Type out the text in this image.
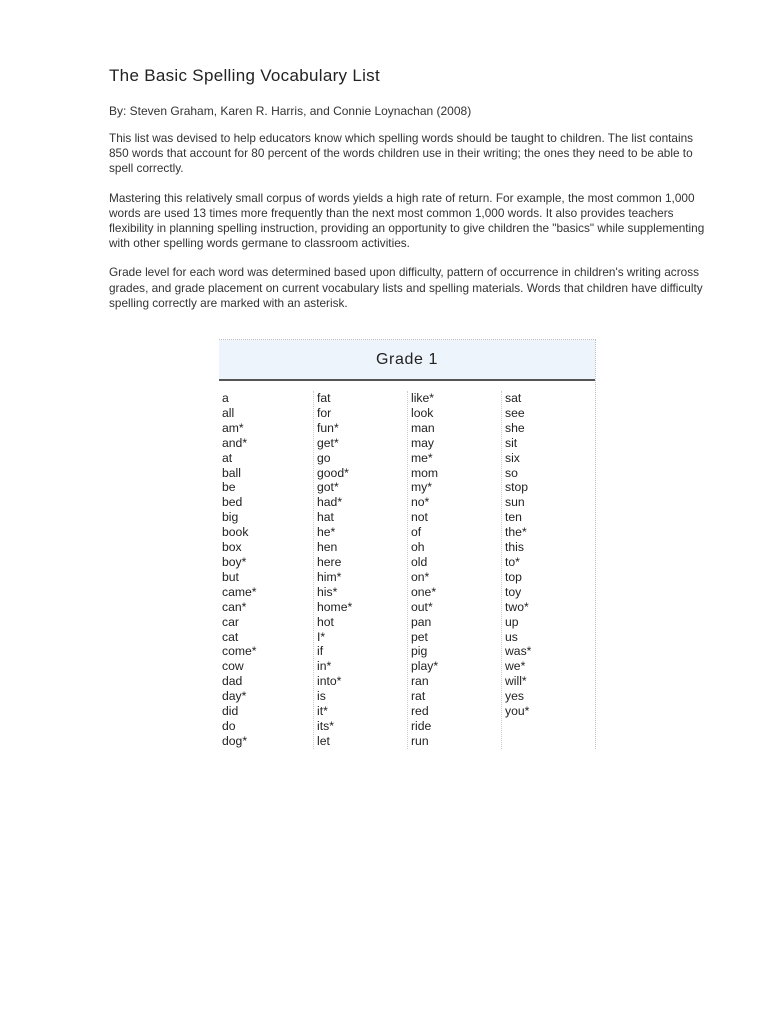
The Basic Spelling Vocabulary List
By: Steven Graham, Karen R. Harris, and Connie Loynachan (2008)

This list was devised to help educators know which spelling words should be taught to children. The list contains 850 words that account for 80 percent of the words children use in their writing; the ones they need to be able to spell correctly.

Mastering this relatively small corpus of words yields a high rate of return. For example, the most common 1,000 words are used 13 times more frequently than the next most common 1,000 words. It also provides teachers flexibility in planning spelling instruction, providing an opportunity to give children the "basics" while supplementing with other spelling words germane to classroom activities.

Grade level for each word was determined based upon difficulty, pattern of occurrence in children's writing across grades, and grade placement on current vocabulary lists and spelling materials. Words that children have difficulty spelling correctly are marked with an asterisk.

Grade 1
a
all
am*
and*
at
ball
be
bed
big
book
box
boy*
but
came*
can*
car
cat
come*
cow
dad
day*
did
do
dog*
fat
for
fun*
get*
go
good*
got*
had*
hat
he*
hen
here
him*
his*
home*
hot
I*
if
in*
into*
is
it*
its*
let
like*
look
man
may
me*
mom
my*
no*
not
of
oh
old
on*
one*
out*
pan
pet
pig
play*
ran
rat
red
ride
run
sat
see
she
sit
six
so
stop
sun
ten
the*
this
to*
top
toy
two*
up
us
was*
we*
will*
yes
you*
